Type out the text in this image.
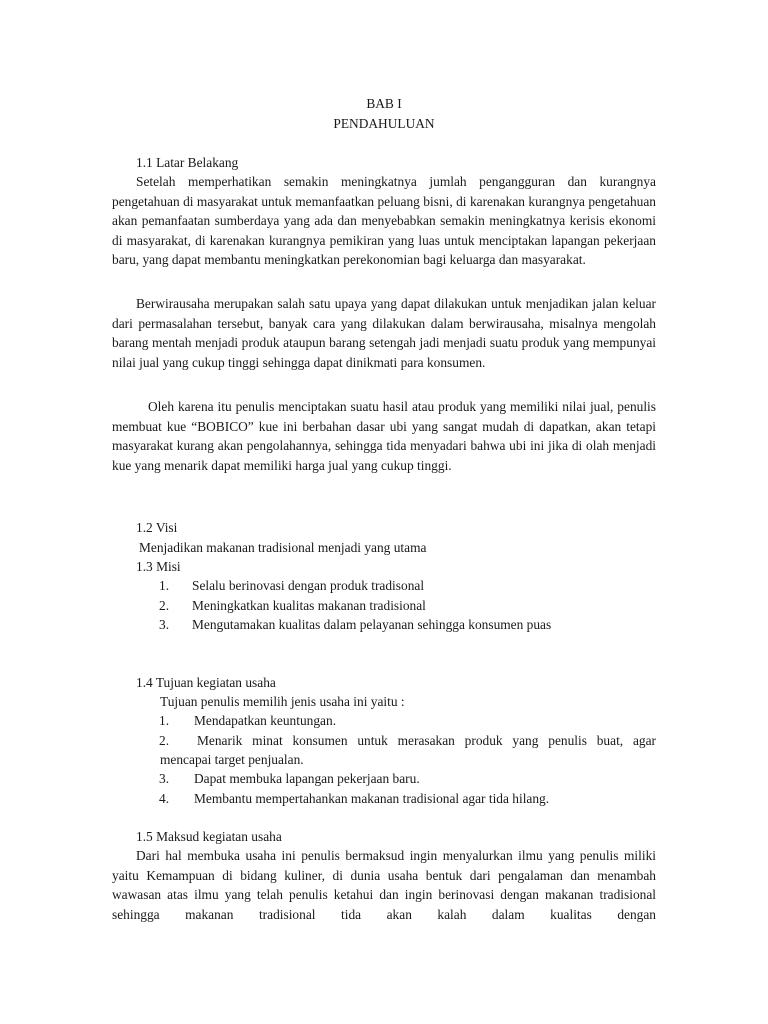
BAB I
PENDAHULUAN
1.1 Latar Belakang

Setelah memperhatikan semakin meningkatnya jumlah pengangguran dan kurangnya pengetahuan di masyarakat untuk memanfaatkan peluang bisni, di karenakan kurangnya pengetahuan akan pemanfaatan sumberdaya yang ada dan menyebabkan semakin meningkatnya kerisis ekonomi di masyarakat, di karenakan kurangnya pemikiran yang luas untuk menciptakan lapangan pekerjaan baru, yang dapat membantu meningkatkan perekonomian bagi keluarga dan masyarakat.

Berwirausaha merupakan salah satu upaya yang dapat dilakukan untuk menjadikan jalan keluar dari permasalahan tersebut, banyak cara yang dilakukan dalam berwirausaha, misalnya mengolah barang mentah menjadi produk ataupun barang setengah jadi menjadi suatu produk yang mempunyai nilai jual yang cukup tinggi sehingga dapat dinikmati para konsumen.

Oleh karena itu penulis menciptakan suatu hasil atau produk yang memiliki nilai jual, penulis membuat kue “BOBICO” kue ini berbahan dasar ubi yang sangat mudah di dapatkan, akan tetapi masyarakat kurang akan pengolahannya, sehingga tida menyadari bahwa ubi ini jika di olah menjadi kue yang menarik dapat memiliki harga jual yang cukup tinggi.

1.2 Visi
Menjadikan makanan tradisional menjadi yang utama
1.3 Misi
1. Selalu berinovasi dengan produk tradisonal
2. Meningkatkan kualitas makanan tradisional
3. Mengutamakan kualitas dalam pelayanan sehingga konsumen puas
1.4 Tujuan kegiatan usaha
Tujuan penulis memilih jenis usaha ini yaitu :
1. Mendapatkan keuntungan.
2. Menarik minat konsumen untuk merasakan produk yang penulis buat, agar
mencapai target penjualan.
3. Dapat membuka lapangan pekerjaan baru.
4. Membantu mempertahankan makanan tradisional agar tida hilang.
1.5 Maksud kegiatan usaha

Dari hal membuka usaha ini penulis bermaksud ingin menyalurkan ilmu yang penulis miliki yaitu Kemampuan di bidang kuliner, di dunia usaha bentuk dari pengalaman dan menambah wawasan atas ilmu yang telah penulis ketahui dan ingin berinovasi dengan makanan tradisional sehingga makanan tradisional tida akan kalah dalam kualitas dengan
